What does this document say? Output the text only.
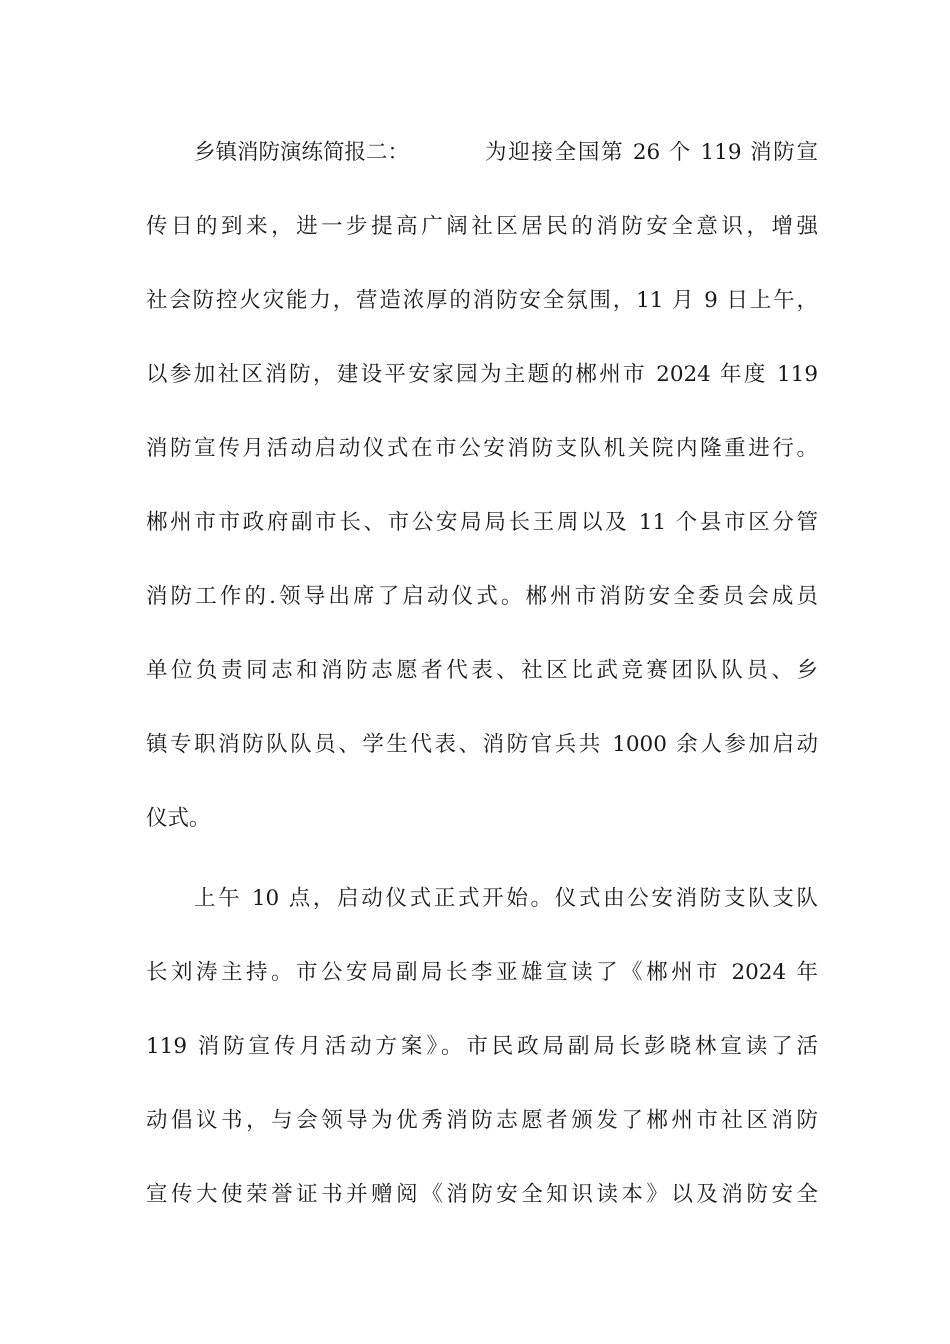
乡镇消防演练简报二：	为迎接全国第 26 个 119 消防宣
传日的到来，进一步提高广阔社区居民的消防安全意识，增强
社会防控火灾能力，营造浓厚的消防安全氛围，11 月 9 日上午，
以参加社区消防，建设平安家园为主题的郴州市 2024 年度 119
消防宣传月活动启动仪式在市公安消防支队机关院内隆重进行。
郴州市市政府副市长、市公安局局长王周以及 11 个县市区分管
消防工作的.领导出席了启动仪式。郴州市消防安全委员会成员
单位负责同志和消防志愿者代表、社区比武竞赛团队队员、乡
镇专职消防队队员、学生代表、消防官兵共 1000 余人参加启动
仪式。
上午 10 点，启动仪式正式开始。仪式由公安消防支队支队
长刘涛主持。市公安局副局长李亚雄宣读了《郴州市 2024 年
119 消防宣传月活动方案》。市民政局副局长彭晓林宣读了活
动倡议书，与会领导为优秀消防志愿者颁发了郴州市社区消防
宣传大使荣誉证书并赠阅《消防安全知识读本》以及消防安全
